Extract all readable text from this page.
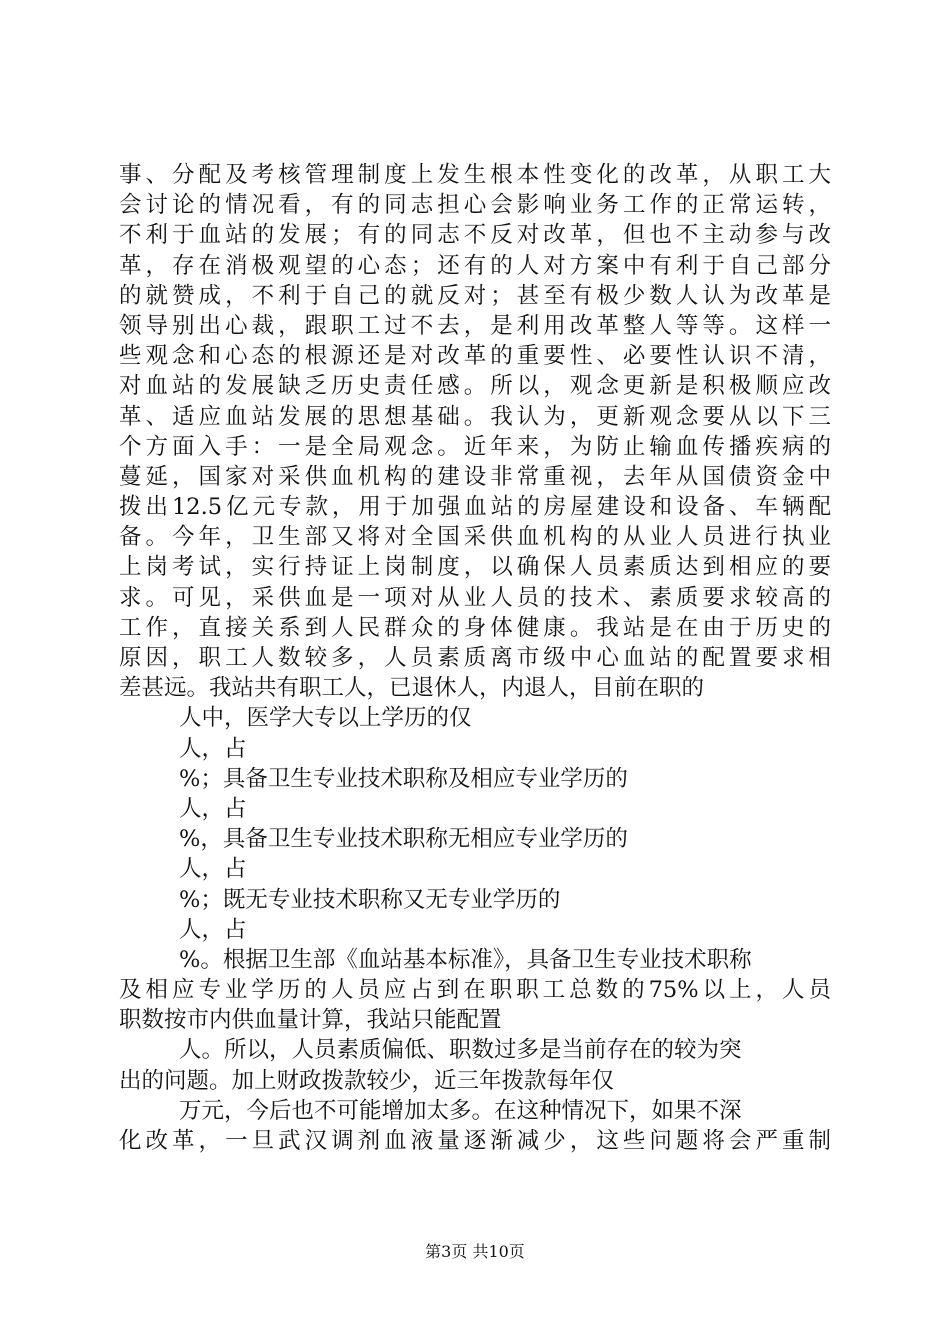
事、分配及考核管理制度上发生根本性变化的改革，从职工大
会讨论的情况看，有的同志担心会影响业务工作的正常运转，
不利于血站的发展；有的同志不反对改革，但也不主动参与改
革，存在消极观望的心态；还有的人对方案中有利于自己部分
的就赞成，不利于自己的就反对；甚至有极少数人认为改革是
领导别出心裁，跟职工过不去，是利用改革整人等等。这样一
些观念和心态的根源还是对改革的重要性、必要性认识不清，
对血站的发展缺乏历史责任感。所以，观念更新是积极顺应改
革、适应血站发展的思想基础。我认为，更新观念要从以下三
个方面入手：一是全局观念。近年来，为防止输血传播疾病的
蔓延，国家对采供血机构的建设非常重视，去年从国债资金中
拨出12.5亿元专款，用于加强血站的房屋建设和设备、车辆配
备。今年，卫生部又将对全国采供血机构的从业人员进行执业
上岗考试，实行持证上岗制度，以确保人员素质达到相应的要
求。可见，采供血是一项对从业人员的技术、素质要求较高的
工作，直接关系到人民群众的身体健康。我站是在由于历史的
原因，职工人数较多，人员素质离市级中心血站的配置要求相
差甚远。我站共有职工人，已退休人，内退人，目前在职的
人中，医学大专以上学历的仅
人，占
%；具备卫生专业技术职称及相应专业学历的
人，占
%，具备卫生专业技术职称无相应专业学历的
人，占
%；既无专业技术职称又无专业学历的
人，占
%。根据卫生部《血站基本标准》，具备卫生专业技术职称
及相应专业学历的人员应占到在职职工总数的75%以上，人员
职数按市内供血量计算，我站只能配置
人。所以，人员素质偏低、职数过多是当前存在的较为突
出的问题。加上财政拨款较少，近三年拨款每年仅
万元，今后也不可能增加太多。在这种情况下，如果不深
化改革，一旦武汉调剂血液量逐渐减少，这些问题将会严重制
第3页 共10页
